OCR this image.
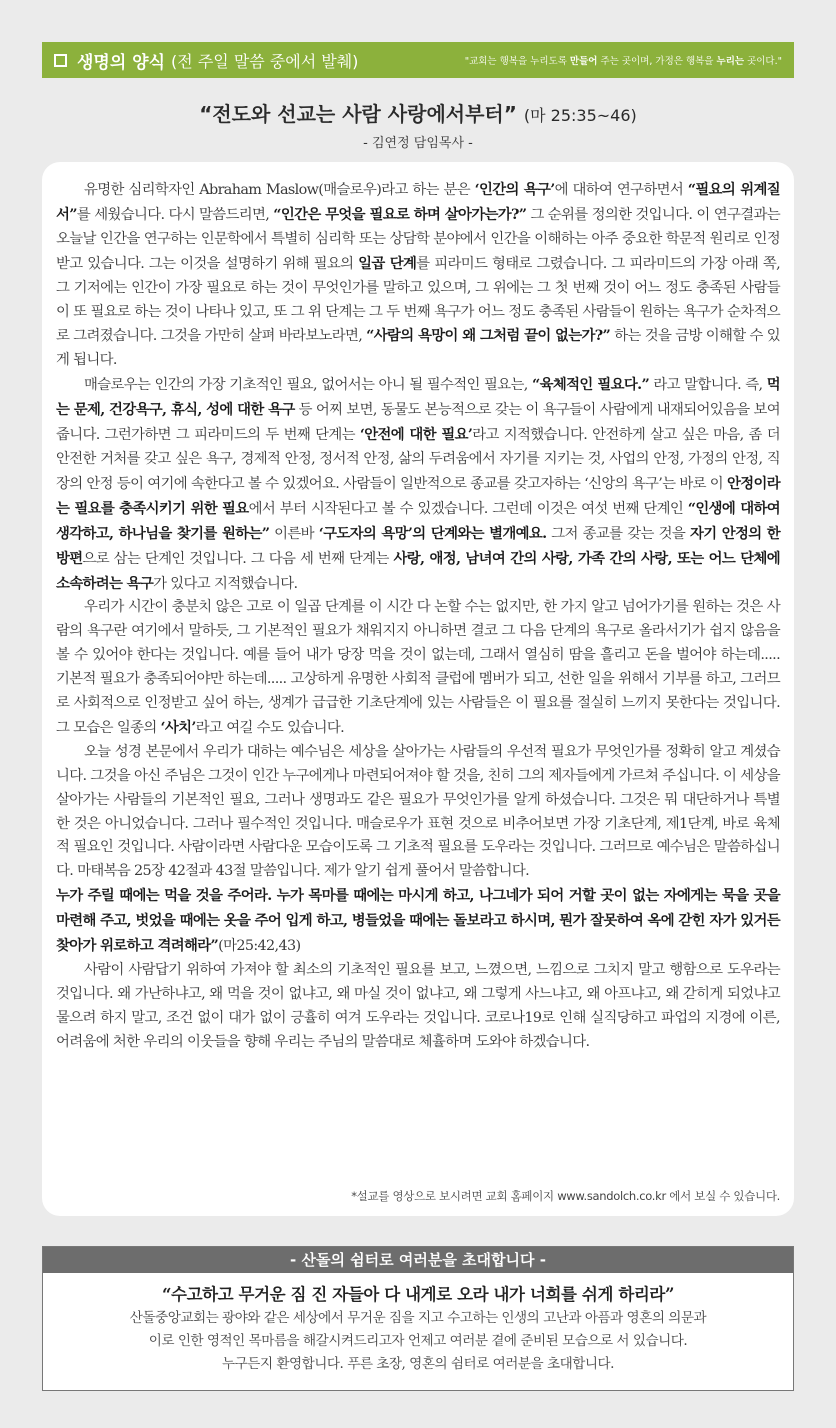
생명의 양식 (전 주일 말씀 중에서 발췌)	"교회는 행복을 누리도록 만들어 주는 곳이며, 가정은 행복을 누리는 곳이다."
“전도와 선교는 사람 사랑에서부터” (마 25:35~46)
- 김연정 담임목사 -

유명한 심리학자인 Abraham Maslow(매슬로우)라고 하는 분은 ‘인간의 욕구’에 대하여 연구하면서 “필요의 위계질서”를 세웠습니다. 다시 말씀드리면, “인간은 무엇을 필요로 하며 살아가는가?” 그 순위를 정의한 것입니다. 이 연구결과는 오늘날 인간을 연구하는 인문학에서 특별히 심리학 또는 상담학 분야에서 인간을 이해하는 아주 중요한 학문적 원리로 인정받고 있습니다. 그는 이것을 설명하기 위해 필요의 일곱 단계를 피라미드 형태로 그렸습니다. 그 피라미드의 가장 아래 쪽, 그 기저에는 인간이 가장 필요로 하는 것이 무엇인가를 말하고 있으며, 그 위에는 그 첫 번째 것이 어느 정도 충족된 사람들이 또 필요로 하는 것이 나타나 있고, 또 그 위 단계는 그 두 번째 욕구가 어느 정도 충족된 사람들이 원하는 욕구가 순차적으로 그려졌습니다. 그것을 가만히 살펴 바라보노라면, “사람의 욕망이 왜 그처럼 끝이 없는가?” 하는 것을 금방 이해할 수 있게 됩니다.

매슬로우는 인간의 가장 기초적인 필요, 없어서는 아니 될 필수적인 필요는, “육체적인 필요다.” 라고 말합니다. 즉, 먹는 문제, 건강욕구, 휴식, 성에 대한 욕구 등 어찌 보면, 동물도 본능적으로 갖는 이 욕구들이 사람에게 내재되어있음을 보여줍니다. 그런가하면 그 피라미드의 두 번째 단계는 ‘안전에 대한 필요’라고 지적했습니다. 안전하게 살고 싶은 마음, 좀 더 안전한 거처를 갖고 싶은 욕구, 경제적 안정, 정서적 안정, 삶의 두려움에서 자기를 지키는 것, 사업의 안정, 가정의 안정, 직장의 안정 등이 여기에 속한다고 볼 수 있겠어요. 사람들이 일반적으로 종교를 갖고자하는 ‘신앙의 욕구’는 바로 이 안정이라는 필요를 충족시키기 위한 필요에서 부터 시작된다고 볼 수 있겠습니다. 그런데 이것은 여섯 번째 단계인 “인생에 대하여 생각하고, 하나님을 찾기를 원하는” 이른바 ‘구도자의 욕망’의 단계와는 별개예요. 그저 종교를 갖는 것을 자기 안정의 한 방편으로 삼는 단계인 것입니다. 그 다음 세 번째 단계는 사랑, 애정, 남녀여 간의 사랑, 가족 간의 사랑, 또는 어느 단체에 소속하려는 욕구가 있다고 지적했습니다.

우리가 시간이 충분치 않은 고로 이 일곱 단계를 이 시간 다 논할 수는 없지만, 한 가지 알고 넘어가기를 원하는 것은 사람의 욕구란 여기에서 말하듯, 그 기본적인 필요가 채워지지 아니하면 결코 그 다음 단계의 욕구로 올라서기가 쉽지 않음을 볼 수 있어야 한다는 것입니다. 예를 들어 내가 당장 먹을 것이 없는데, 그래서 열심히 땀을 흘리고 돈을 벌어야 하는데..... 기본적 필요가 충족되어야만 하는데..... 고상하게 유명한 사회적 클럽에 멤버가 되고, 선한 일을 위해서 기부를 하고, 그러므로 사회적으로 인정받고 싶어 하는, 생계가 급급한 기초단계에 있는 사람들은 이 필요를 절실히 느끼지 못한다는 것입니다. 그 모습은 일종의 ‘사치’라고 여길 수도 있습니다.

오늘 성경 본문에서 우리가 대하는 예수님은 세상을 살아가는 사람들의 우선적 필요가 무엇인가를 정확히 알고 계셨습니다. 그것을 아신 주님은 그것이 인간 누구에게나 마련되어져야 할 것을, 친히 그의 제자들에게 가르쳐 주십니다. 이 세상을 살아가는 사람들의 기본적인 필요, 그러나 생명과도 같은 필요가 무엇인가를 알게 하셨습니다. 그것은 뭐 대단하거나 특별한 것은 아니었습니다. 그러나 필수적인 것입니다. 매슬로우가 표현 것으로 비추어보면 가장 기초단계, 제1단계, 바로 육체적 필요인 것입니다. 사람이라면 사람다운 모습이도록 그 기초적 필요를 도우라는 것입니다. 그러므로 예수님은 말씀하십니다. 마태복음 25장 42절과 43절 말씀입니다. 제가 알기 쉽게 풀어서 말씀합니다.

누가 주릴 때에는 먹을 것을 주어라. 누가 목마를 때에는 마시게 하고, 나그네가 되어 거할 곳이 없는 자에게는 묵을 곳을 마련해 주고, 벗었을 때에는 옷을 주어 입게 하고, 병들었을 때에는 돌보라고 하시며, 뭔가 잘못하여 옥에 갇힌 자가 있거든 찾아가 위로하고 격려해라”(마25:42,43)

사람이 사람답기 위하여 가져야 할 최소의 기초적인 필요를 보고, 느꼈으면, 느낌으로 그치지 말고 행함으로 도우라는 것입니다. 왜 가난하냐고, 왜 먹을 것이 없냐고, 왜 마실 것이 없냐고, 왜 그렇게 사느냐고, 왜 아프냐고, 왜 갇히게 되었냐고 물으려 하지 말고, 조건 없이 대가 없이 긍휼히 여겨 도우라는 것입니다. 코로나19로 인해 실직당하고 파업의 지경에 이른, 어려움에 처한 우리의 이웃들을 향해 우리는 주님의 말씀대로 체휼하며 도와야 하겠습니다.

*설교를 영상으로 보시려면 교회 홈페이지 www.sandolch.co.kr 에서 보실 수 있습니다.
- 산돌의 쉼터로 여러분을 초대합니다 -
“수고하고 무거운 짐 진 자들아 다 내게로 오라 내가 너희를 쉬게 하리라”
산돌중앙교회는 광야와 같은 세상에서 무거운 짐을 지고 수고하는 인생의 고난과 아픔과 영혼의 의문과
이로 인한 영적인 목마름을 해갈시켜드리고자 언제고 여러분 곁에 준비된 모습으로 서 있습니다.
누구든지 환영합니다. 푸른 초장, 영혼의 쉼터로 여러분을 초대합니다.
